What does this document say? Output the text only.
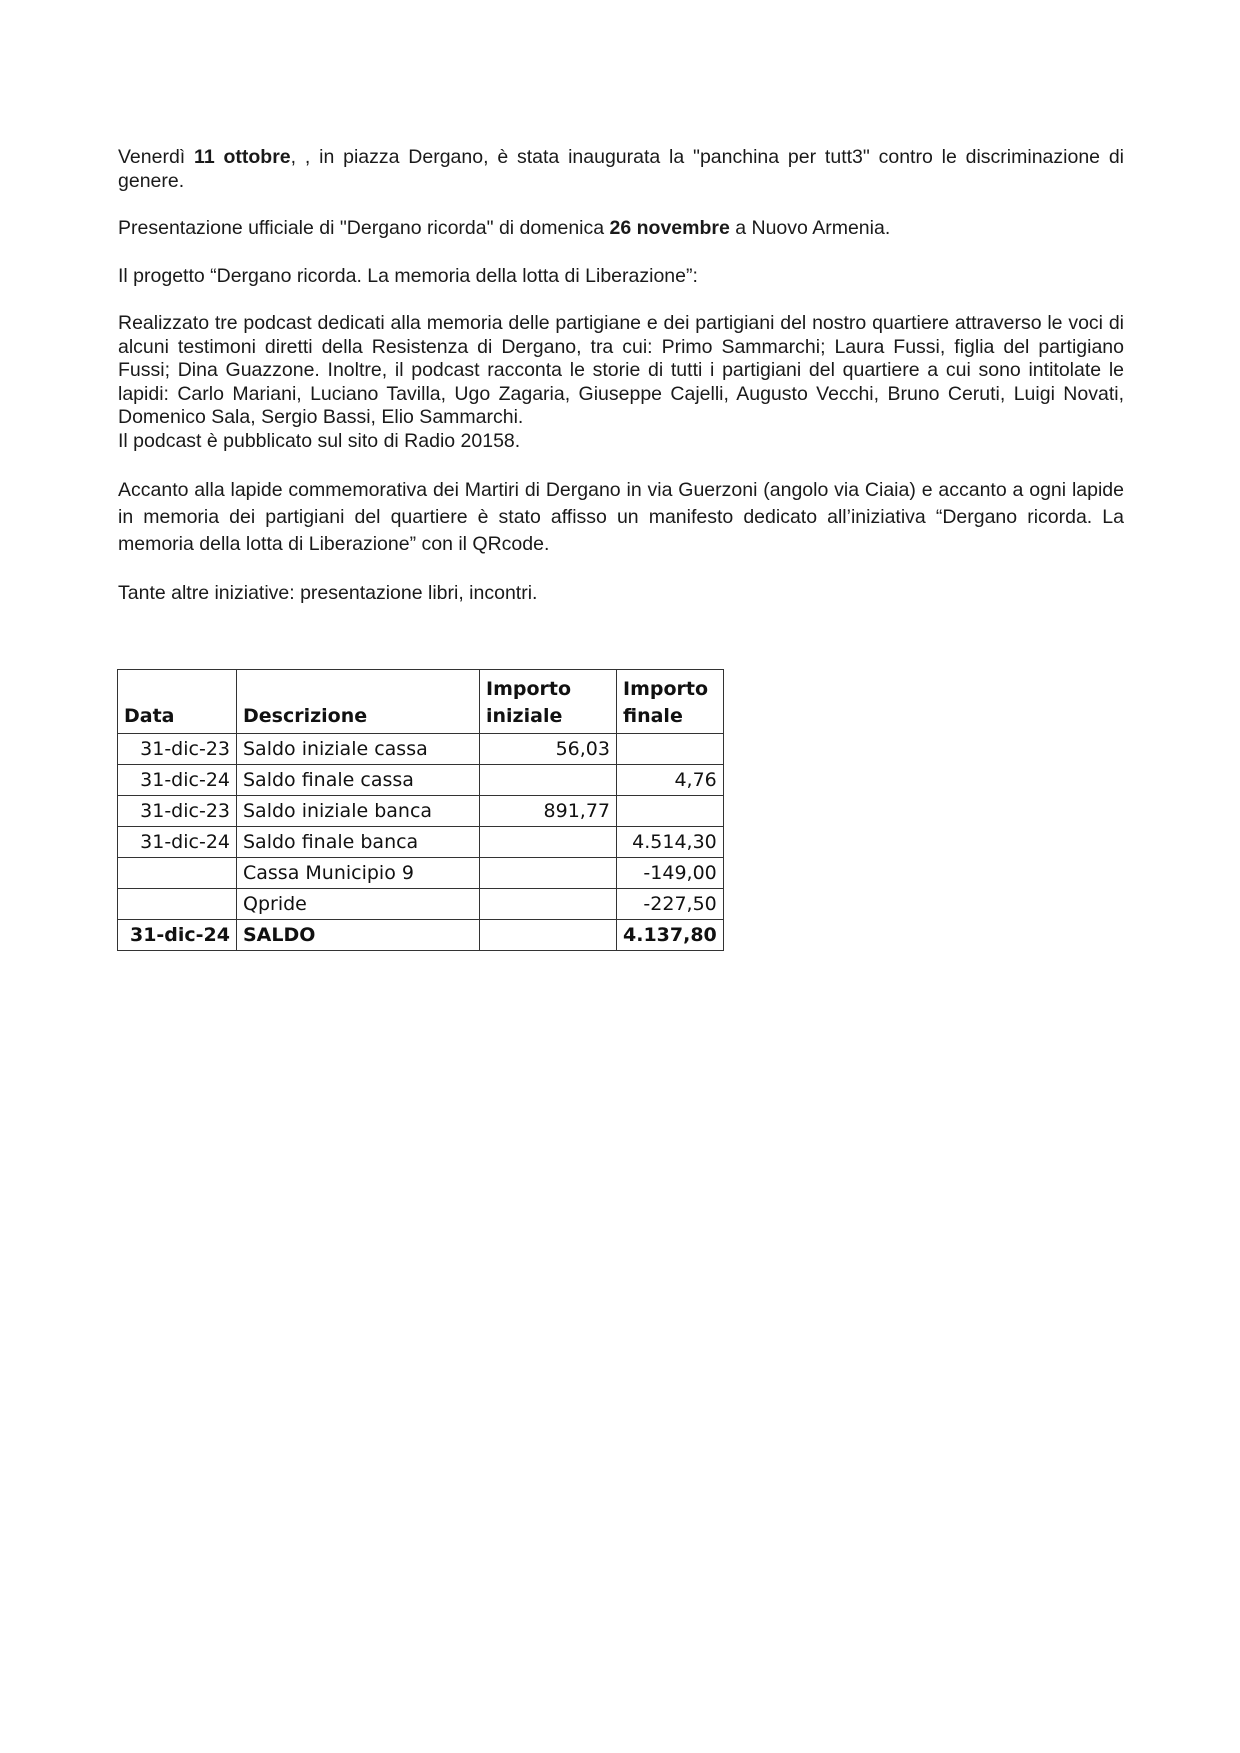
Venerdì 11 ottobre, , in piazza Dergano, è stata inaugurata la "panchina per tutt3" contro le discriminazione di genere.

Presentazione ufficiale di "Dergano ricorda" di domenica 26 novembre a Nuovo Armenia.

Il progetto “Dergano ricorda. La memoria della lotta di Liberazione”:

Realizzato tre podcast dedicati alla memoria delle partigiane e dei partigiani del nostro quartiere attraverso le voci di alcuni testimoni diretti della Resistenza di Dergano, tra cui: Primo Sammarchi; Laura Fussi, figlia del partigiano Fussi; Dina Guazzone. Inoltre, il podcast racconta le storie di tutti i partigiani del quartiere a cui sono intitolate le lapidi: Carlo Mariani, Luciano Tavilla, Ugo Zagaria, Giuseppe Cajelli, Augusto Vecchi, Bruno Ceruti, Luigi Novati, Domenico Sala, Sergio Bassi, Elio Sammarchi.

Il podcast è pubblicato sul sito di Radio 20158.

Accanto alla lapide commemorativa dei Martiri di Dergano in via Guerzoni (angolo via Ciaia) e accanto a ogni lapide in memoria dei partigiani del quartiere è stato affisso un manifesto dedicato all’iniziativa “Dergano ricorda. La memoria della lotta di Liberazione” con il QRcode.

Tante altre iniziative: presentazione libri, incontri.

Data	Descrizione	Importo iniziale	Importo finale
31-dic-23	Saldo iniziale cassa	56,03	
31-dic-24	Saldo finale cassa		4,76
31-dic-23	Saldo iniziale banca	891,77	
31-dic-24	Saldo finale banca		4.514,30
	Cassa Municipio 9		-149,00
	Qpride		-227,50
31-dic-24	SALDO		4.137,80
